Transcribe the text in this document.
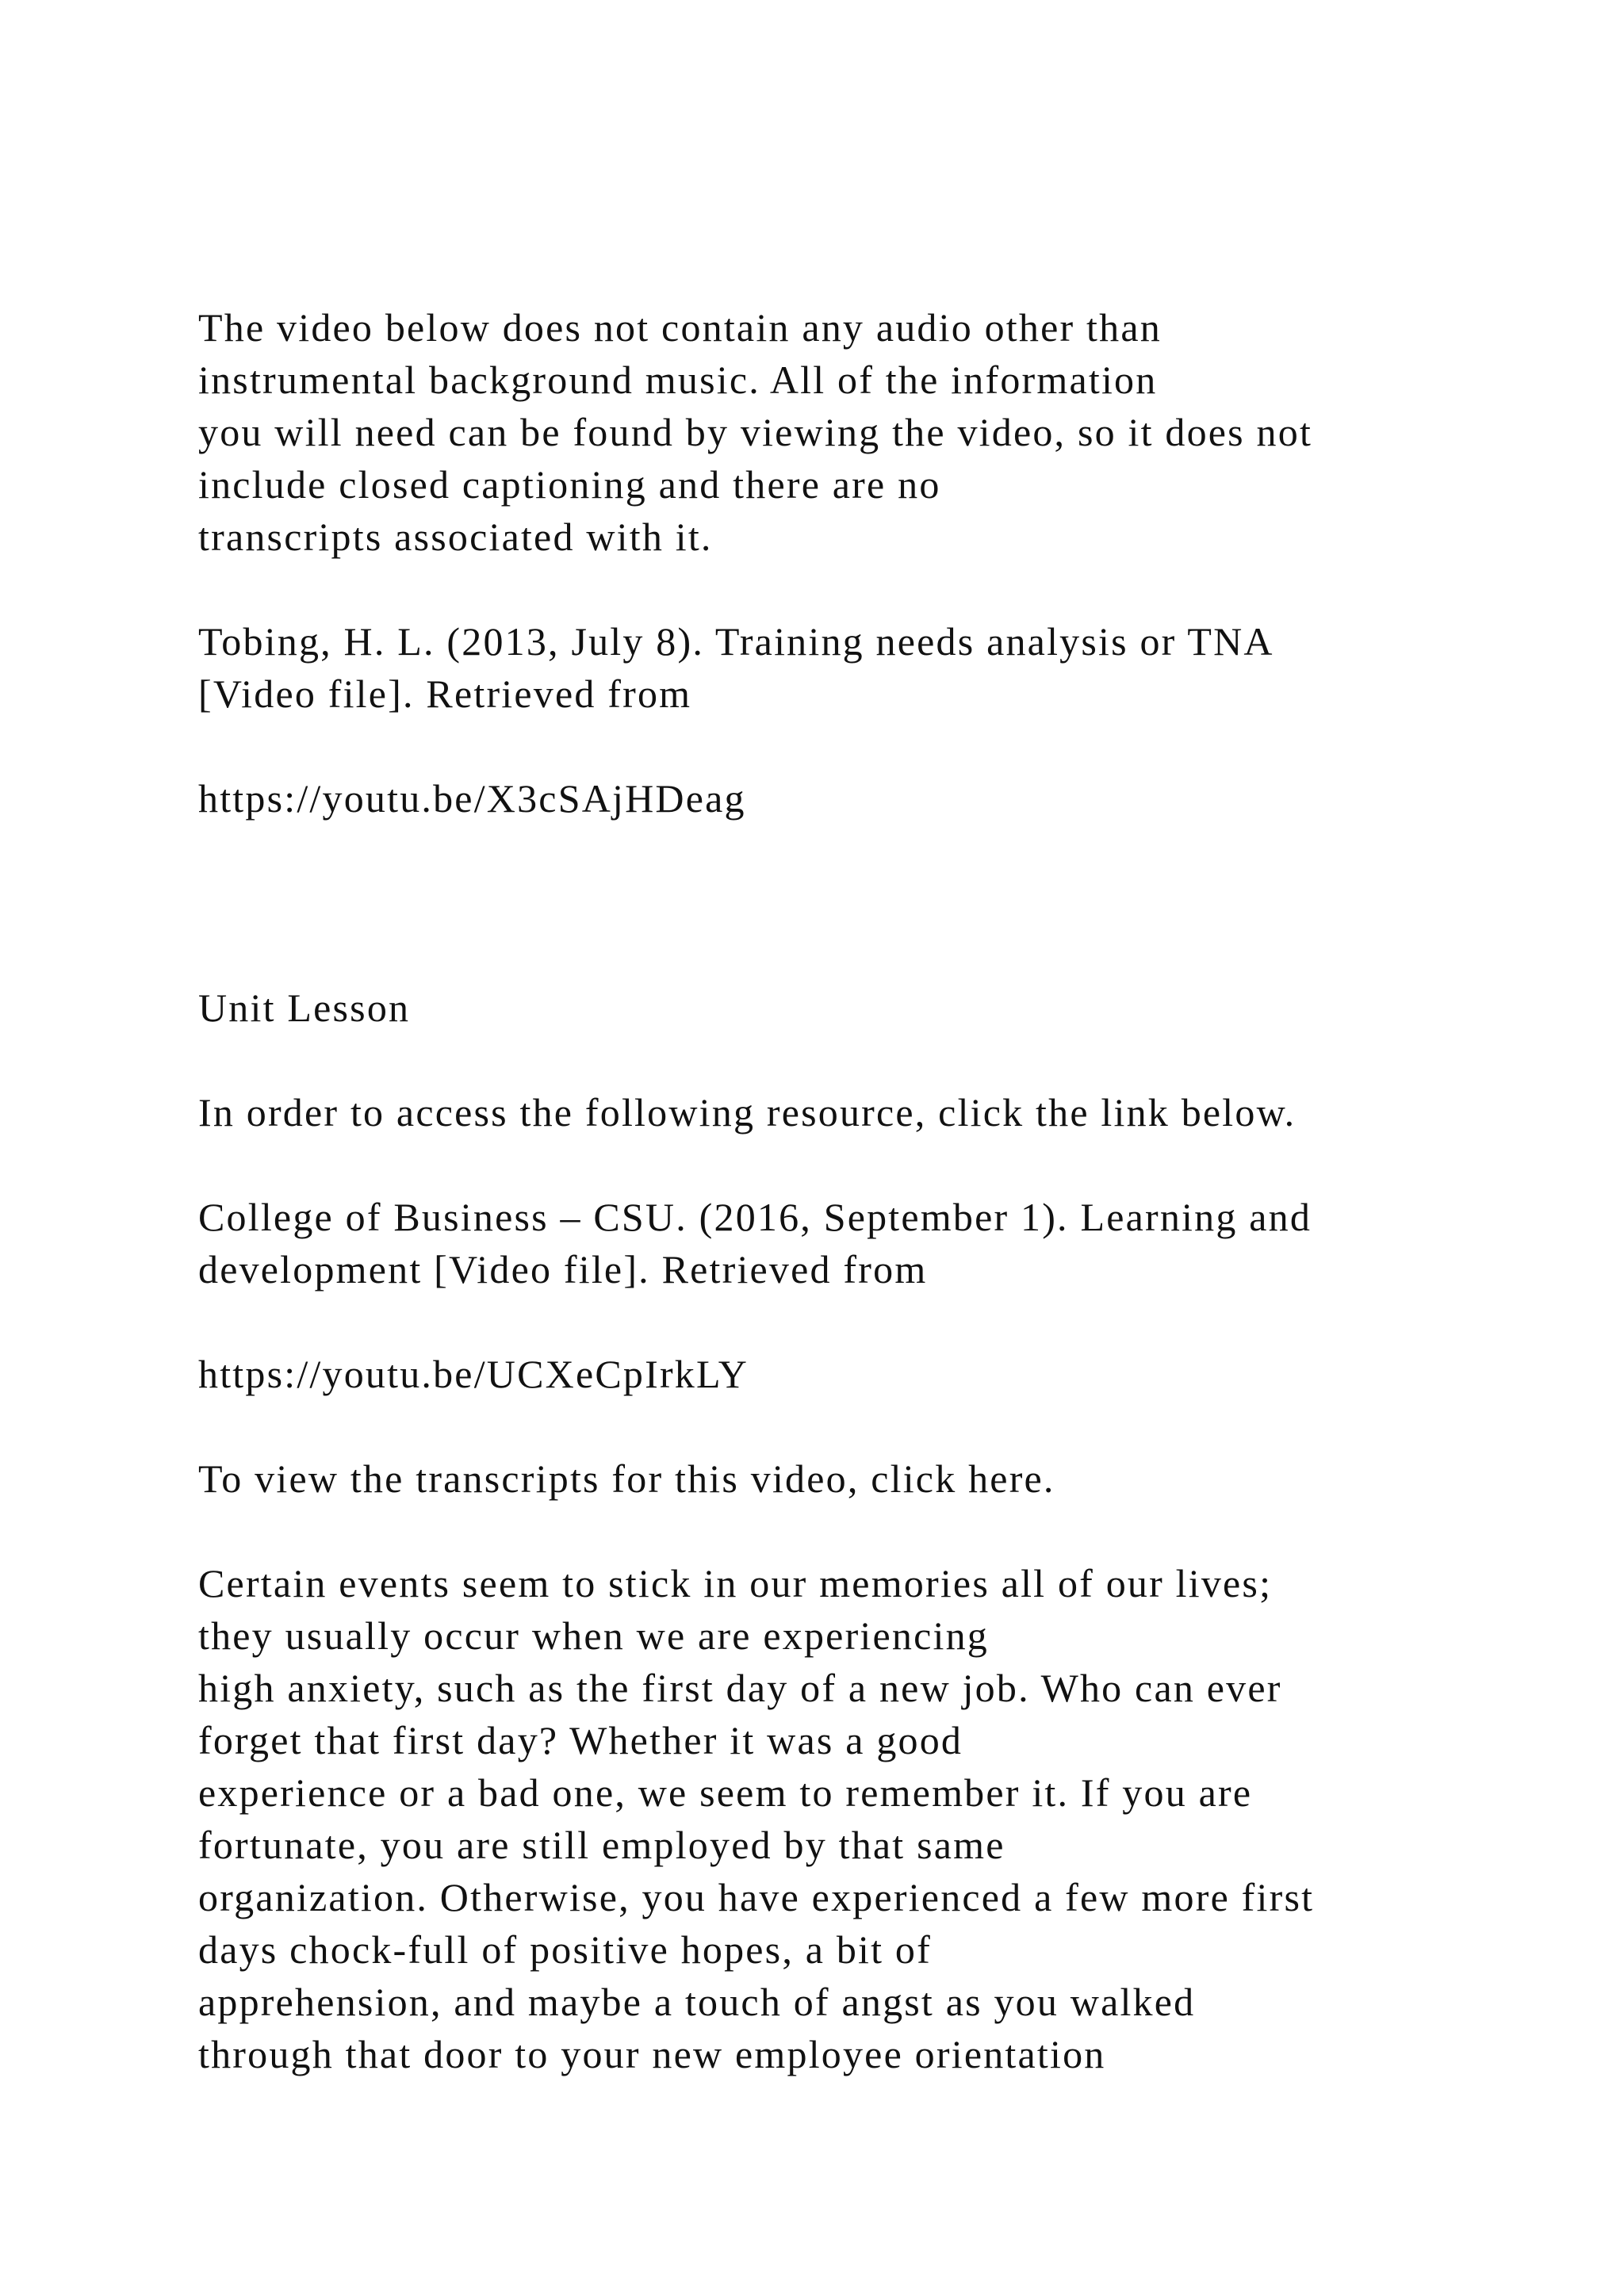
The video below does not contain any audio other than

instrumental background music. All of the information

you will need can be found by viewing the video, so it does not

include closed captioning and there are no

transcripts associated with it.

Tobing, H. L. (2013, July 8). Training needs analysis or TNA

[Video file]. Retrieved from

https://youtu.be/X3cSAjHDeag

Unit Lesson

In order to access the following resource, click the link below.

College of Business – CSU. (2016, September 1). Learning and

development [Video file]. Retrieved from

https://youtu.be/UCXeCpIrkLY

To view the transcripts for this video, click here.

Certain events seem to stick in our memories all of our lives;

they usually occur when we are experiencing

high anxiety, such as the first day of a new job. Who can ever

forget that first day? Whether it was a good

experience or a bad one, we seem to remember it. If you are

fortunate, you are still employed by that same

organization. Otherwise, you have experienced a few more first

days chock-full of positive hopes, a bit of

apprehension, and maybe a touch of angst as you walked

through that door to your new employee orientation
